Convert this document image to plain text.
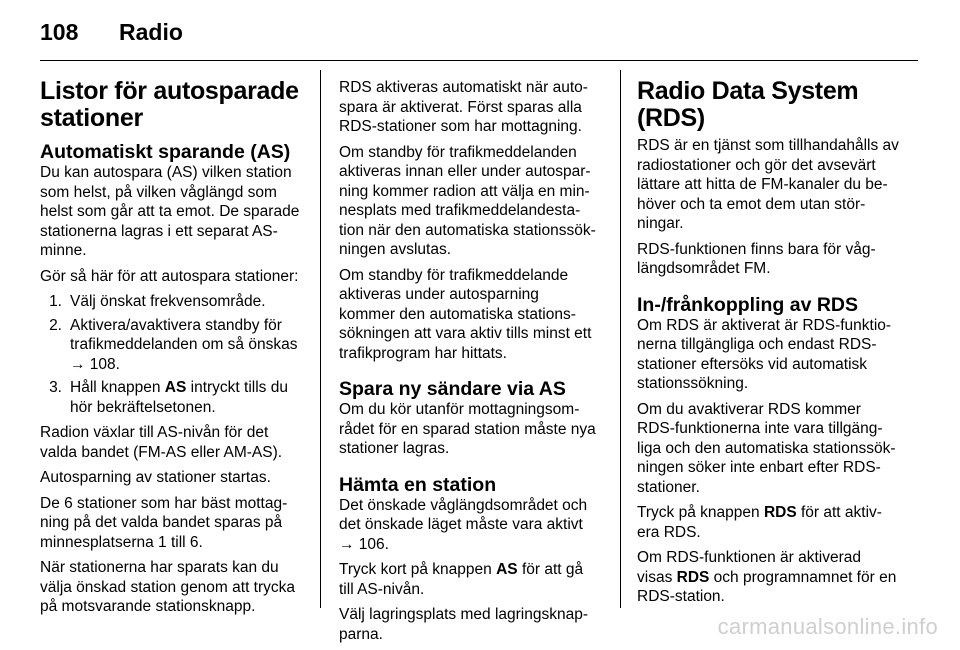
108 Radio
Listor för autosparade
stationer
Automatiskt sparande (AS)

Du kan autospara (AS) vilken station
som helst, på vilken våglängd som
helst som går att ta emot. De sparade
stationerna lagras i ett separat AS-
minne.

Gör så här för att autospara stationer:

1. Välj önskat frekvensområde.
2. Aktivera/avaktivera standby för
trafikmeddelanden om så önskas
→ 108.
3. Håll knappen AS intryckt tills du
hör bekräftelsetonen.

Radion växlar till AS-nivån för det
valda bandet (FM-AS eller AM-AS).

Autosparning av stationer startas.

De 6 stationer som har bäst mottag-
ning på det valda bandet sparas på
minnesplatserna 1 till 6.

När stationerna har sparats kan du
välja önskad station genom att trycka
på motsvarande stationsknapp.

RDS aktiveras automatiskt när auto-
spara är aktiverat. Först sparas alla
RDS-stationer som har mottagning.

Om standby för trafikmeddelanden
aktiveras innan eller under autospar-
ning kommer radion att välja en min-
nesplats med trafikmeddelandesta-
tion när den automatiska stationssök-
ningen avslutas.

Om standby för trafikmeddelande
aktiveras under autosparning
kommer den automatiska stations-
sökningen att vara aktiv tills minst ett
trafikprogram har hittats.

Spara ny sändare via AS

Om du kör utanför mottagningsom-
rådet för en sparad station måste nya
stationer lagras.

Hämta en station

Det önskade våglängdsområdet och
det önskade läget måste vara aktivt
→ 106.

Tryck kort på knappen AS för att gå
till AS-nivån.

Välj lagringsplats med lagringsknap-
parna.

Radio Data System (RDS)

RDS är en tjänst som tillhandahålls av
radiostationer och gör det avsevärt
lättare att hitta de FM-kanaler du be-
höver och ta emot dem utan stör-
ningar.

RDS-funktionen finns bara för våg-
längdsområdet FM.

In-/frånkoppling av RDS

Om RDS är aktiverat är RDS-funktio-
nerna tillgängliga och endast RDS-
stationer eftersöks vid automatisk
stationssökning.

Om du avaktiverar RDS kommer
RDS-funktionerna inte vara tillgäng-
liga och den automatiska stationssök-
ningen söker inte enbart efter RDS-
stationer.

Tryck på knappen RDS för att aktiv-
era RDS.

Om RDS-funktionen är aktiverad
visas RDS och programnamnet för en
RDS-station.

carmanualsonline.info
